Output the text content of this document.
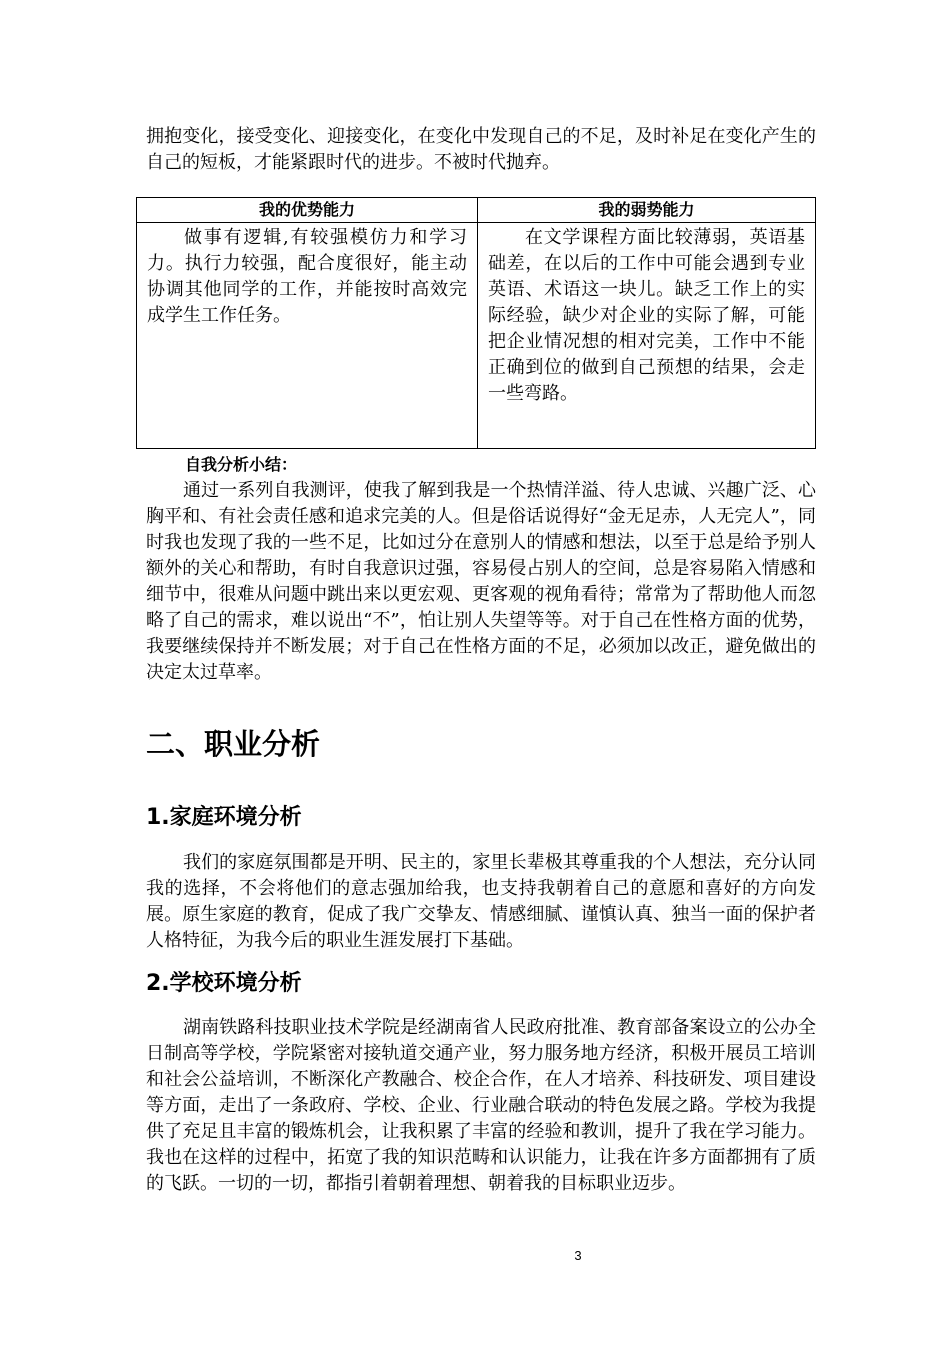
拥抱变化，接受变化、迎接变化，在变化中发现自己的不足，及时补足在变化产生的自己的短板，才能紧跟时代的进步。不被时代抛弃。

我的优势能力	我的弱势能力
做事有逻辑,有较强模仿力和学习力。执行力较强，配合度很好，能主动协调其他同学的工作，并能按时高效完成学生工作任务。	在文学课程方面比较薄弱，英语基础差，在以后的工作中可能会遇到专业英语、术语这一块儿。缺乏工作上的实际经验，缺少对企业的实际了解，可能把企业情况想的相对完美，工作中不能正确到位的做到自己预想的结果，会走一些弯路。

自我分析小结：

通过一系列自我测评，使我了解到我是一个热情洋溢、待人忠诚、兴趣广泛、心胸平和、有社会责任感和追求完美的人。但是俗话说得好“金无足赤，人无完人”，同时我也发现了我的一些不足，比如过分在意别人的情感和想法，以至于总是给予别人额外的关心和帮助，有时自我意识过强，容易侵占别人的空间，总是容易陷入情感和细节中，很难从问题中跳出来以更宏观、更客观的视角看待；常常为了帮助他人而忽略了自己的需求，难以说出“不”，怕让别人失望等等。对于自己在性格方面的优势，我要继续保持并不断发展；对于自己在性格方面的不足，必须加以改正，避免做出的决定太过草率。

二、职业分析
1.家庭环境分析

我们的家庭氛围都是开明、民主的，家里长辈极其尊重我的个人想法，充分认同我的选择，不会将他们的意志强加给我，也支持我朝着自己的意愿和喜好的方向发展。原生家庭的教育，促成了我广交挚友、情感细腻、谨慎认真、独当一面的保护者人格特征，为我今后的职业生涯发展打下基础。

2.学校环境分析

湖南铁路科技职业技术学院是经湖南省人民政府批准、教育部备案设立的公办全日制高等学校，学院紧密对接轨道交通产业，努力服务地方经济，积极开展员工培训和社会公益培训，不断深化产教融合、校企合作，在人才培养、科技研发、项目建设等方面，走出了一条政府、学校、企业、行业融合联动的特色发展之路。学校为我提供了充足且丰富的锻炼机会，让我积累了丰富的经验和教训，提升了我在学习能力。我也在这样的过程中，拓宽了我的知识范畴和认识能力，让我在许多方面都拥有了质的飞跃。一切的一切，都指引着朝着理想、朝着我的目标职业迈步。

3
